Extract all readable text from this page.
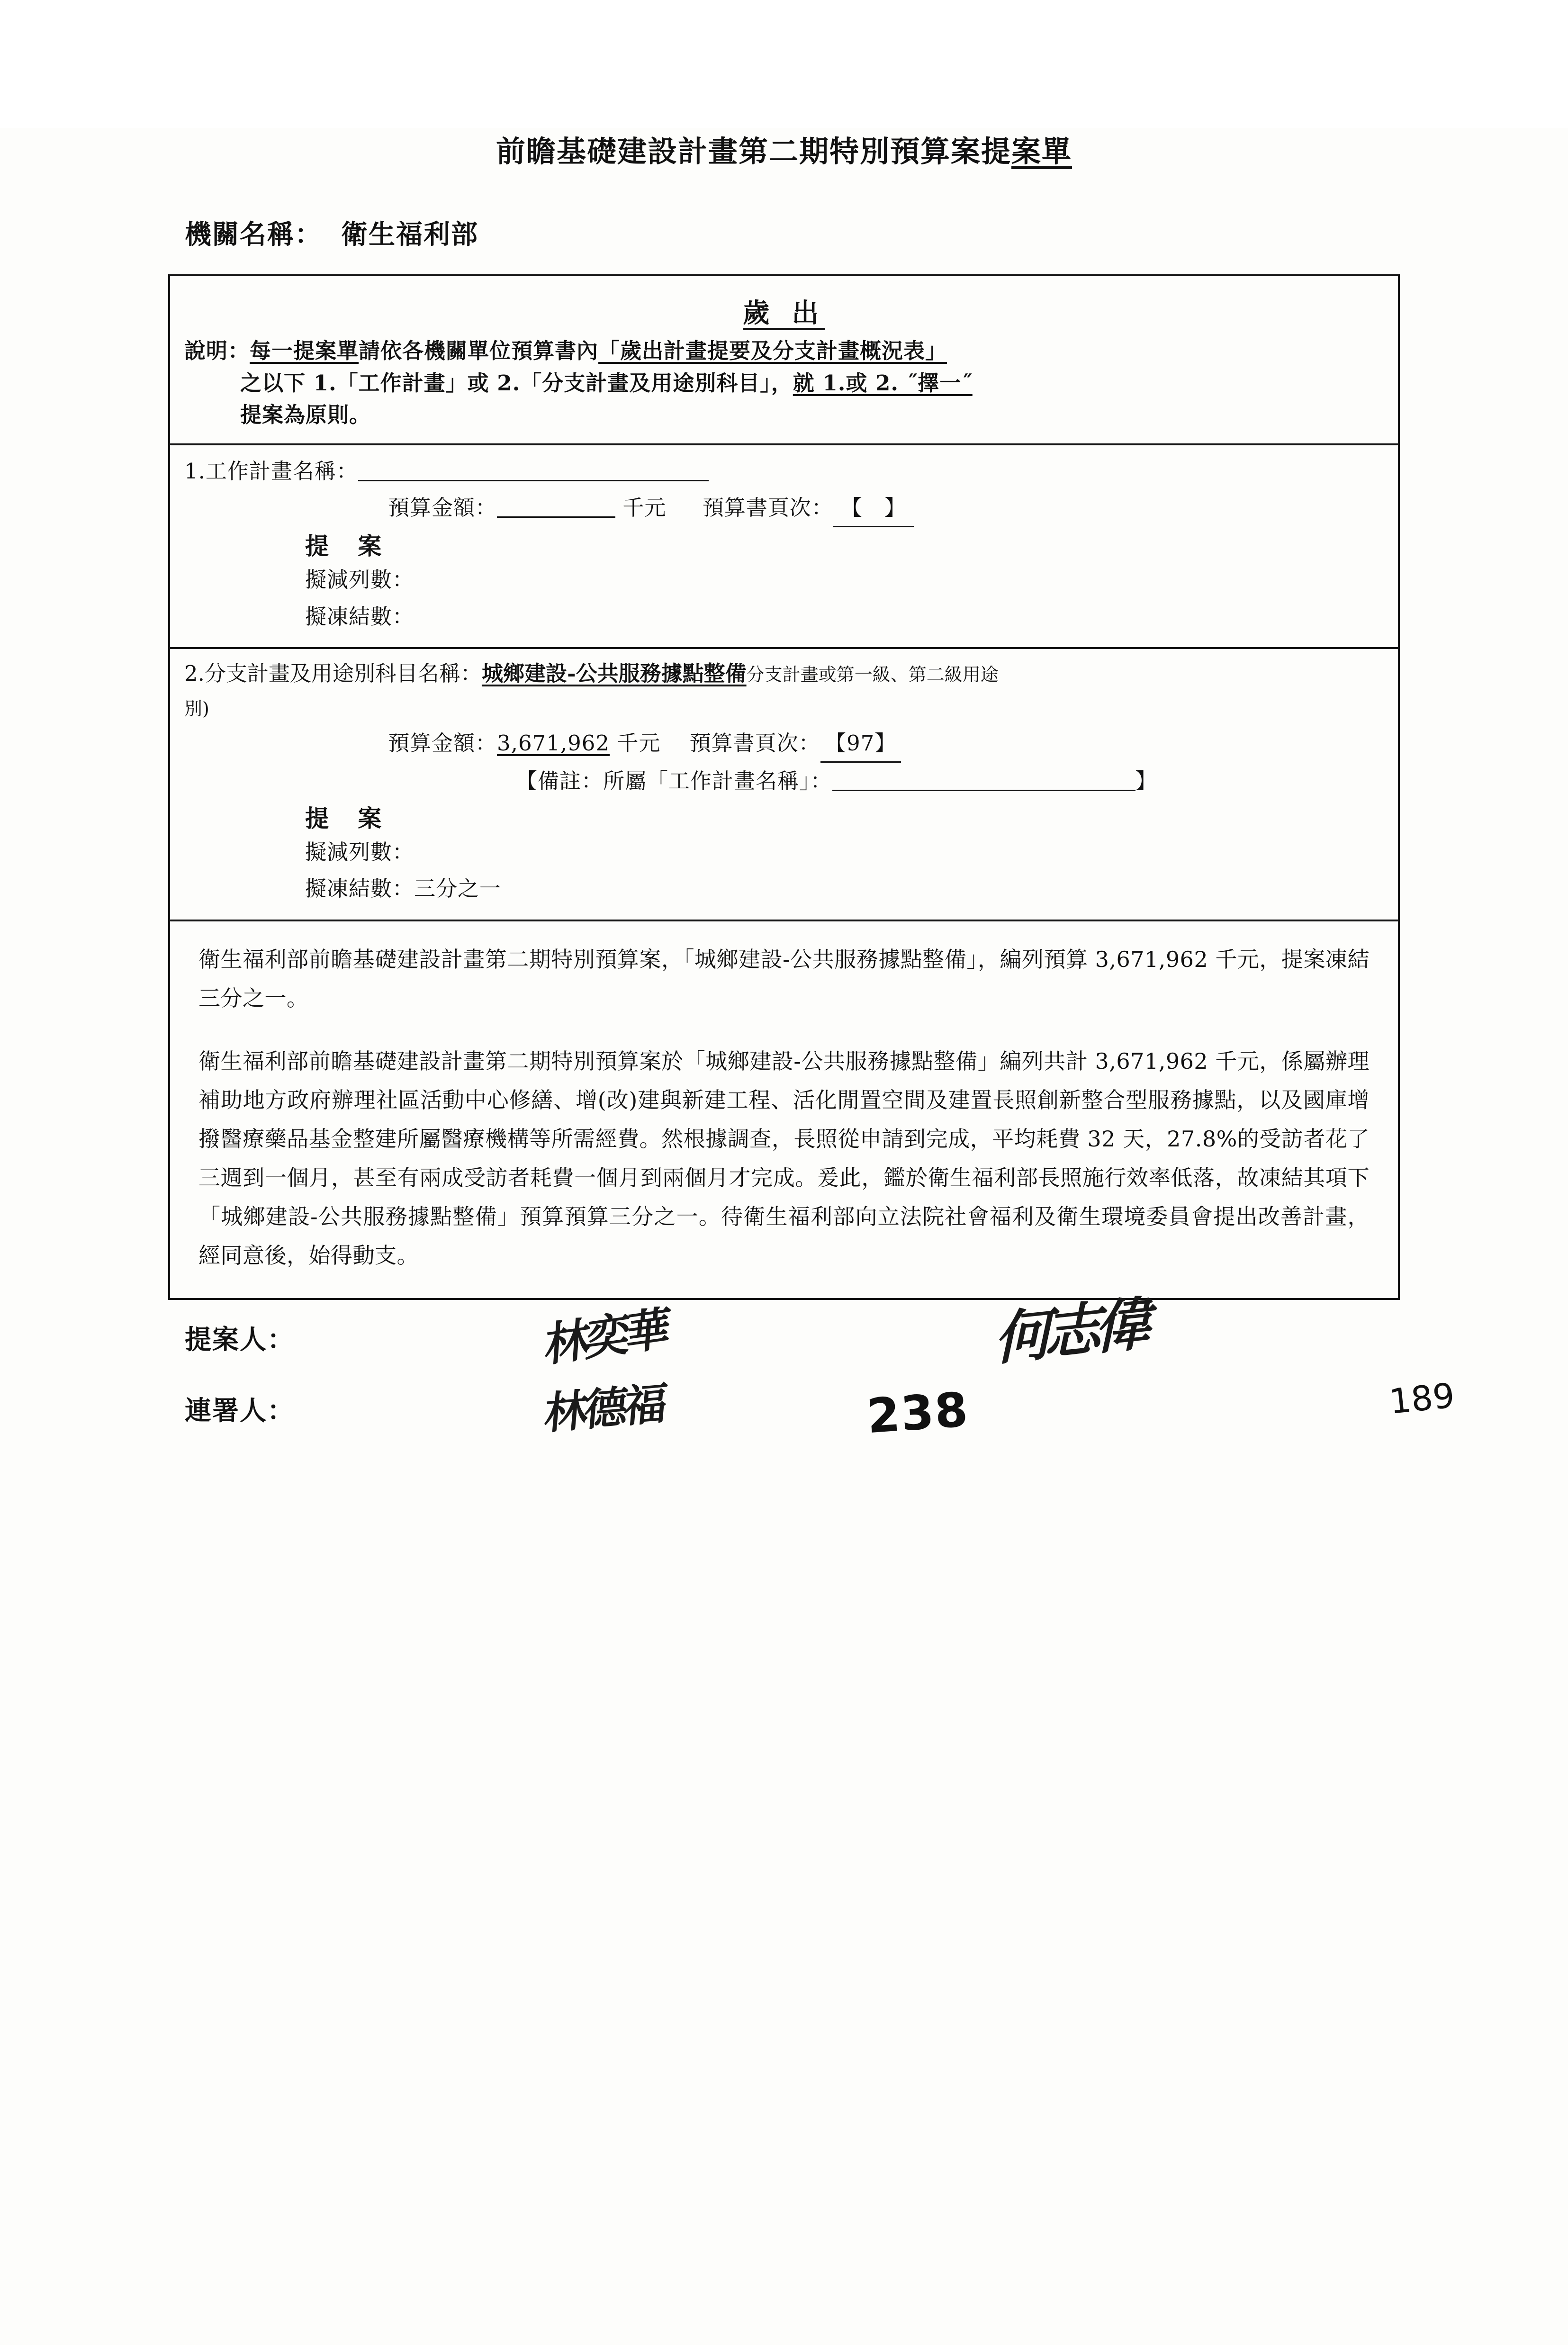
前瞻基礎建設計畫第二期特別預算案提案單
機關名稱： 衛生福利部
歲 出
說明：每一提案單請依各機關單位預算書內「歲出計畫提要及分支計畫概況表」
之以下 1.「工作計畫」或 2.「分支計畫及用途別科目」，就 1.或 2. ˝擇一˝
提案為原則。
1.工作計畫名稱：
預算金額：	千元 預算書頁次： 【　】
提 案
擬減列數：
擬凍結數：
2.分支計畫及用途別科目名稱：城鄉建設-公共服務據點整備分支計畫或第一級、第二級用途
別)
預算金額：3,671,962 千元 預算書頁次： 【97】
【備註：所屬「工作計畫名稱」：	】
提 案
擬減列數：
擬凍結數：三分之一

衛生福利部前瞻基礎建設計畫第二期特別預算案，「城鄉建設-公共服務據點整備」，編列預算 3,671,962 千元，提案凍結三分之一。

衛生福利部前瞻基礎建設計畫第二期特別預算案於「城鄉建設-公共服務據點整備」編列共計 3,671,962 千元，係屬辦理補助地方政府辦理社區活動中心修繕、增(改)建與新建工程、活化閒置空間及建置長照創新整合型服務據點，以及國庫增撥醫療藥品基金整建所屬醫療機構等所需經費。然根據調查，長照從申請到完成，平均耗費 32 天，27.8%的受訪者花了三週到一個月，甚至有兩成受訪者耗費一個月到兩個月才完成。爰此，鑑於衛生福利部長照施行效率低落，故凍結其項下「城鄉建設-公共服務據點整備」預算預算三分之一。待衛生福利部向立法院社會福利及衛生環境委員會提出改善計畫，經同意後，始得動支。

提案人：	林奕華	何志偉
連署人：	林德福	238	189
